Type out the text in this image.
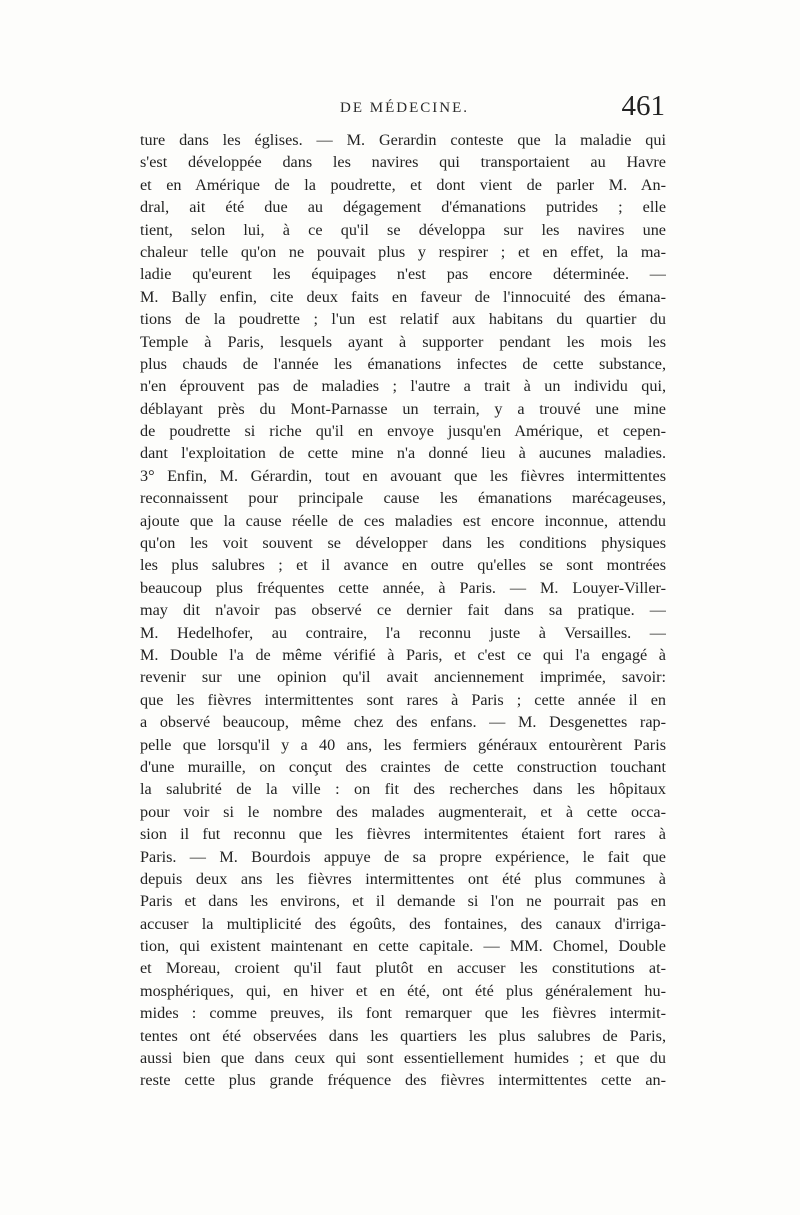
DE MÉDECINE.	461
ture dans les églises. — M. Gerardin conteste que la maladie qui
s'est développée dans les navires qui transportaient au Havre
et en Amérique de la poudrette, et dont vient de parler M. An-
dral, ait été due au dégagement d'émanations putrides ; elle
tient, selon lui, à ce qu'il se développa sur les navires une
chaleur telle qu'on ne pouvait plus y respirer ; et en effet, la ma-
ladie qu'eurent les équipages n'est pas encore déterminée. —
M. Bally enfin, cite deux faits en faveur de l'innocuité des émana-
tions de la poudrette ; l'un est relatif aux habitans du quartier du
Temple à Paris, lesquels ayant à supporter pendant les mois les
plus chauds de l'année les émanations infectes de cette substance,
n'en éprouvent pas de maladies ; l'autre a trait à un individu qui,
déblayant près du Mont-Parnasse un terrain, y a trouvé une mine
de poudrette si riche qu'il en envoye jusqu'en Amérique, et cepen-
dant l'exploitation de cette mine n'a donné lieu à aucunes maladies.
3° Enfin, M. Gérardin, tout en avouant que les fièvres intermittentes
reconnaissent pour principale cause les émanations marécageuses,
ajoute que la cause réelle de ces maladies est encore inconnue, attendu
qu'on les voit souvent se développer dans les conditions physiques
les plus salubres ; et il avance en outre qu'elles se sont montrées
beaucoup plus fréquentes cette année, à Paris. — M. Louyer-Viller-
may dit n'avoir pas observé ce dernier fait dans sa pratique. —
M. Hedelhofer, au contraire, l'a reconnu juste à Versailles. —
M. Double l'a de même vérifié à Paris, et c'est ce qui l'a engagé à
revenir sur une opinion qu'il avait anciennement imprimée, savoir:
que les fièvres intermittentes sont rares à Paris ; cette année il en
a observé beaucoup, même chez des enfans. — M. Desgenettes rap-
pelle que lorsqu'il y a 40 ans, les fermiers généraux entourèrent Paris
d'une muraille, on conçut des craintes de cette construction touchant
la salubrité de la ville : on fit des recherches dans les hôpitaux
pour voir si le nombre des malades augmenterait, et à cette occa-
sion il fut reconnu que les fièvres intermitentes étaient fort rares à
Paris. — M. Bourdois appuye de sa propre expérience, le fait que
depuis deux ans les fièvres intermittentes ont été plus communes à
Paris et dans les environs, et il demande si l'on ne pourrait pas en
accuser la multiplicité des égoûts, des fontaines, des canaux d'irriga-
tion, qui existent maintenant en cette capitale. — MM. Chomel, Double
et Moreau, croient qu'il faut plutôt en accuser les constitutions at-
mosphériques, qui, en hiver et en été, ont été plus généralement hu-
mides : comme preuves, ils font remarquer que les fièvres intermit-
tentes ont été observées dans les quartiers les plus salubres de Paris,
aussi bien que dans ceux qui sont essentiellement humides ; et que du
reste cette plus grande fréquence des fièvres intermittentes cette an-
